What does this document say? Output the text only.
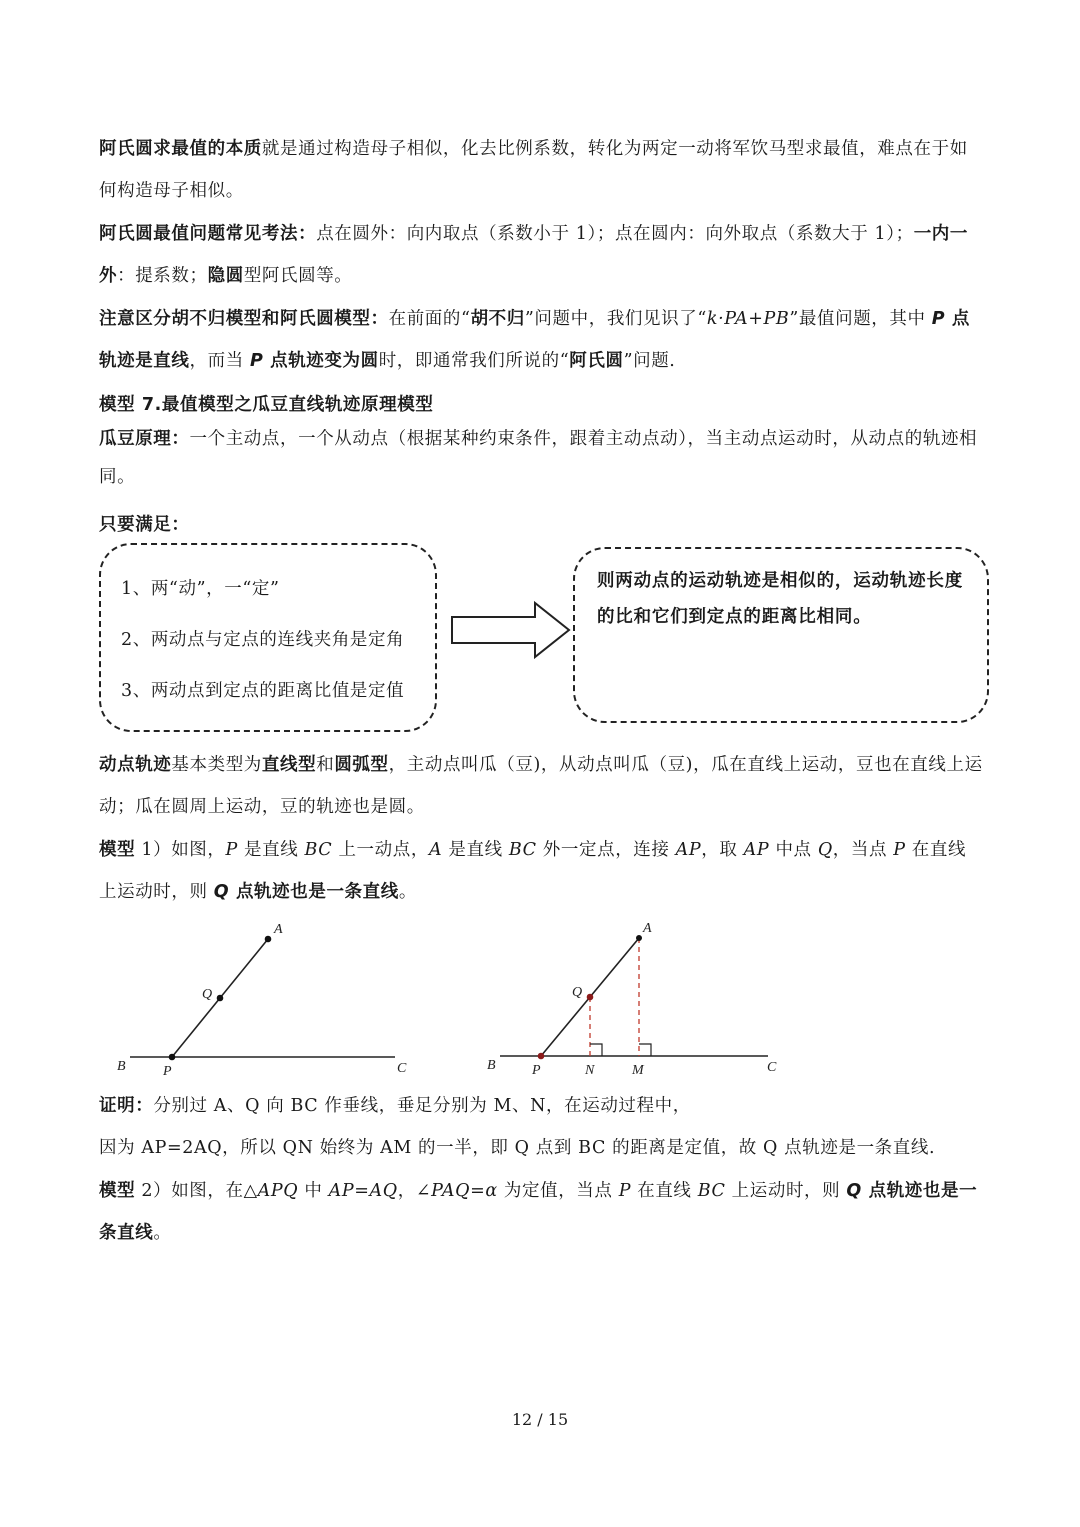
阿氏圆求最值的本质就是通过构造母子相似，化去比例系数，转化为两定一动将军饮马型求最值，难点在于如何构造母子相似。
阿氏圆最值问题常见考法：点在圆外：向内取点（系数小于 1）；点在圆内：向外取点（系数大于 1）；一内一外：提系数；隐圆型阿氏圆等。
注意区分胡不归模型和阿氏圆模型：在前面的“胡不归”问题中，我们见识了“k·PA+PB”最值问题，其中 P 点轨迹是直线，而当 P 点轨迹变为圆时，即通常我们所说的“阿氏圆”问题.
模型 7.最值模型之瓜豆直线轨迹原理模型
瓜豆原理：一个主动点，一个从动点（根据某种约束条件，跟着主动点动），当主动点运动时，从动点的轨迹相同。
只要满足：
1、两“动”，一“定”
2、两动点与定点的连线夹角是定角
3、两动点到定点的距离比值是定值
则两动点的运动轨迹是相似的，运动轨迹长度的比和它们到定点的距离比相同。
动点轨迹基本类型为直线型和圆弧型，主动点叫瓜（豆)，从动点叫瓜（豆)，瓜在直线上运动，豆也在直线上运动；瓜在圆周上运动，豆的轨迹也是圆。
模型 1）如图，P 是直线 BC 上一动点，A 是直线 BC 外一定点，连接 AP，取 AP 中点 Q，当点 P 在直线上运动时，则 Q 点轨迹也是一条直线。
A
Q
B	P	C
A
Q
B	P	N	M	C
证明：分别过 A、Q 向 BC 作垂线，垂足分别为 M、N，在运动过程中，
因为 AP=2AQ，所以 QN 始终为 AM 的一半，即 Q 点到 BC 的距离是定值，故 Q 点轨迹是一条直线.
模型 2）如图，在△APQ 中 AP=AQ，∠PAQ=α 为定值，当点 P 在直线 BC 上运动时，则 Q 点轨迹也是一条直线。
12 / 15
